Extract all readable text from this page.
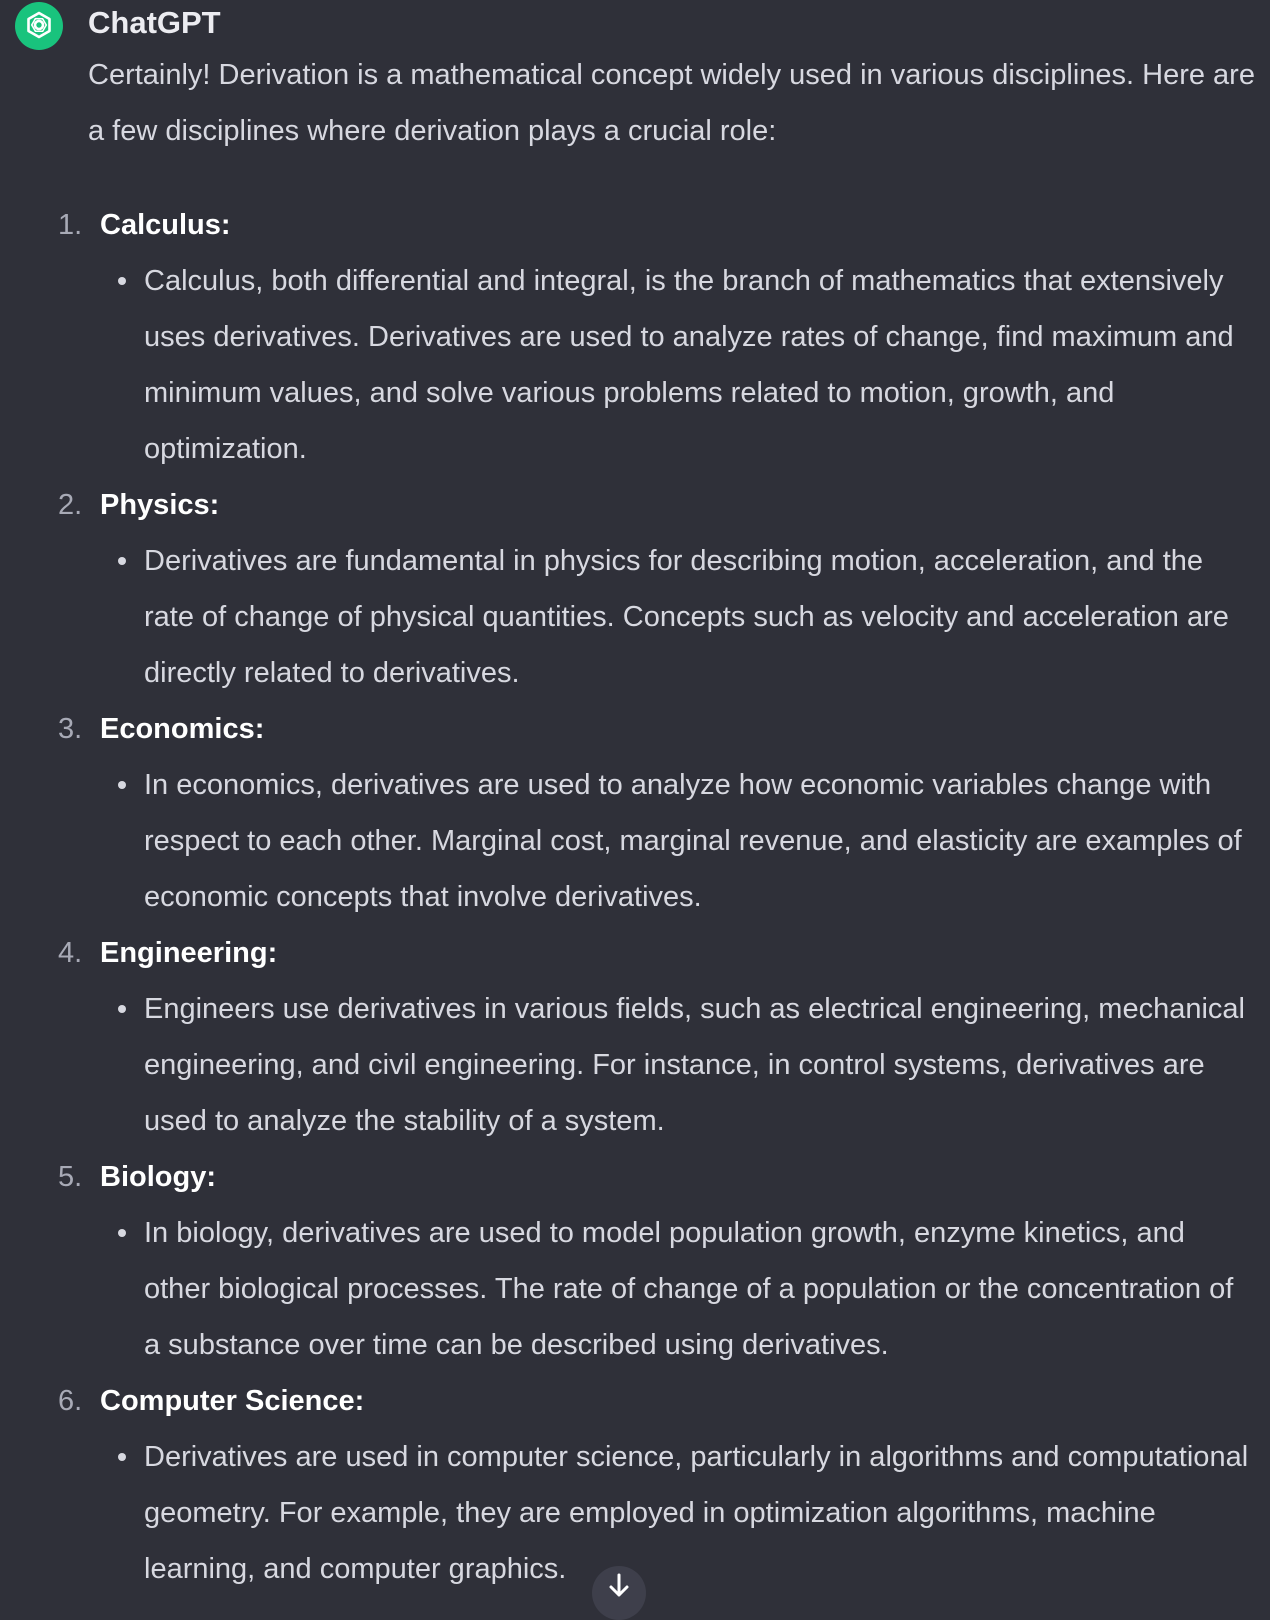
ChatGPT
Certainly! Derivation is a mathematical concept widely used in various disciplines. Here are a few disciplines where derivation plays a crucial role:
1. Calculus:
Calculus, both differential and integral, is the branch of mathematics that extensively uses derivatives. Derivatives are used to analyze rates of change, find maximum and minimum values, and solve various problems related to motion, growth, and optimization.
2. Physics:
Derivatives are fundamental in physics for describing motion, acceleration, and the rate of change of physical quantities. Concepts such as velocity and acceleration are directly related to derivatives.
3. Economics:
In economics, derivatives are used to analyze how economic variables change with respect to each other. Marginal cost, marginal revenue, and elasticity are examples of economic concepts that involve derivatives.
4. Engineering:
Engineers use derivatives in various fields, such as electrical engineering, mechanical engineering, and civil engineering. For instance, in control systems, derivatives are used to analyze the stability of a system.
5. Biology:
In biology, derivatives are used to model population growth, enzyme kinetics, and other biological processes. The rate of change of a population or the concentration of a substance over time can be described using derivatives.
6. Computer Science:
Derivatives are used in computer science, particularly in algorithms and computational geometry. For example, they are employed in optimization algorithms, machine learning, and computer graphics.
